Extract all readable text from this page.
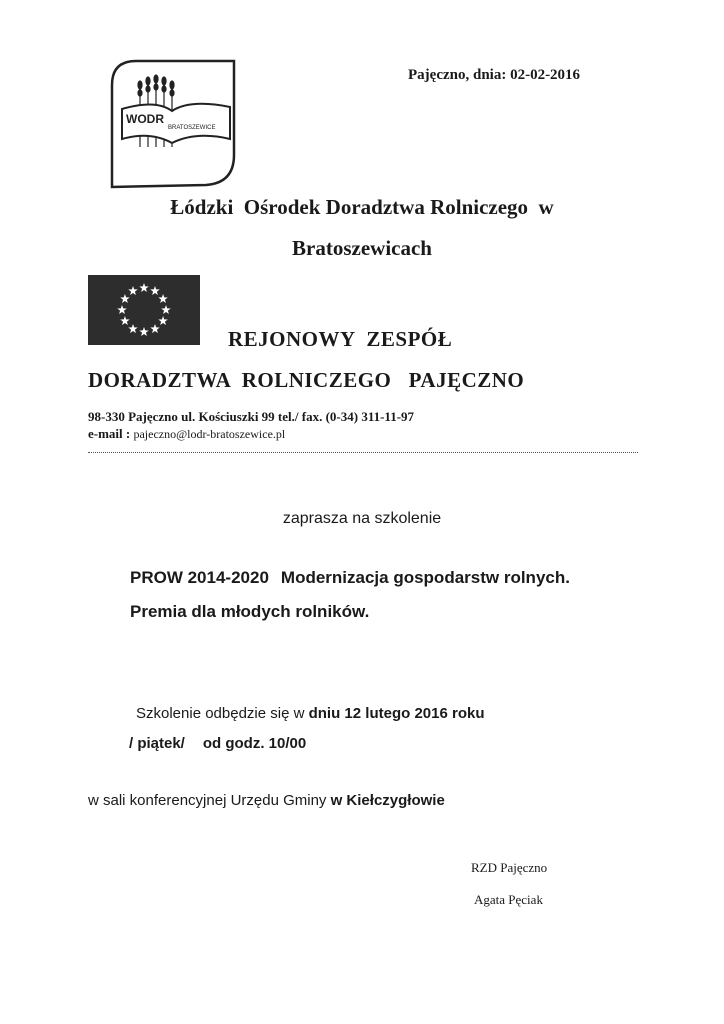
WODR
BRATOSZEWICE
Pajęczno, dnia: 02-02-2016
Łódzki  Ośrodek Doradztwa Rolniczego  w
Bratoszewicach
REJONOWY  ZESPÓŁ
DORADZTWA  ROLNICZEGO   PAJĘCZNO
98-330 Pajęczno ul. Kościuszki 99 tel./ fax. (0-34) 311-11-97
e-mail : pajeczno@lodr-bratoszewice.pl
zaprasza na szkolenie
PROW 2014-2020 Modernizacja gospodarstw rolnych.
Premia dla młodych rolników.
Szkolenie odbędzie się w dniu 12 lutego 2016 roku
/ piątek/ od godz. 10/00
w sali konferencyjnej Urzędu Gminy w Kiełczygłowie
RZD Pajęczno
Agata Pęciak
